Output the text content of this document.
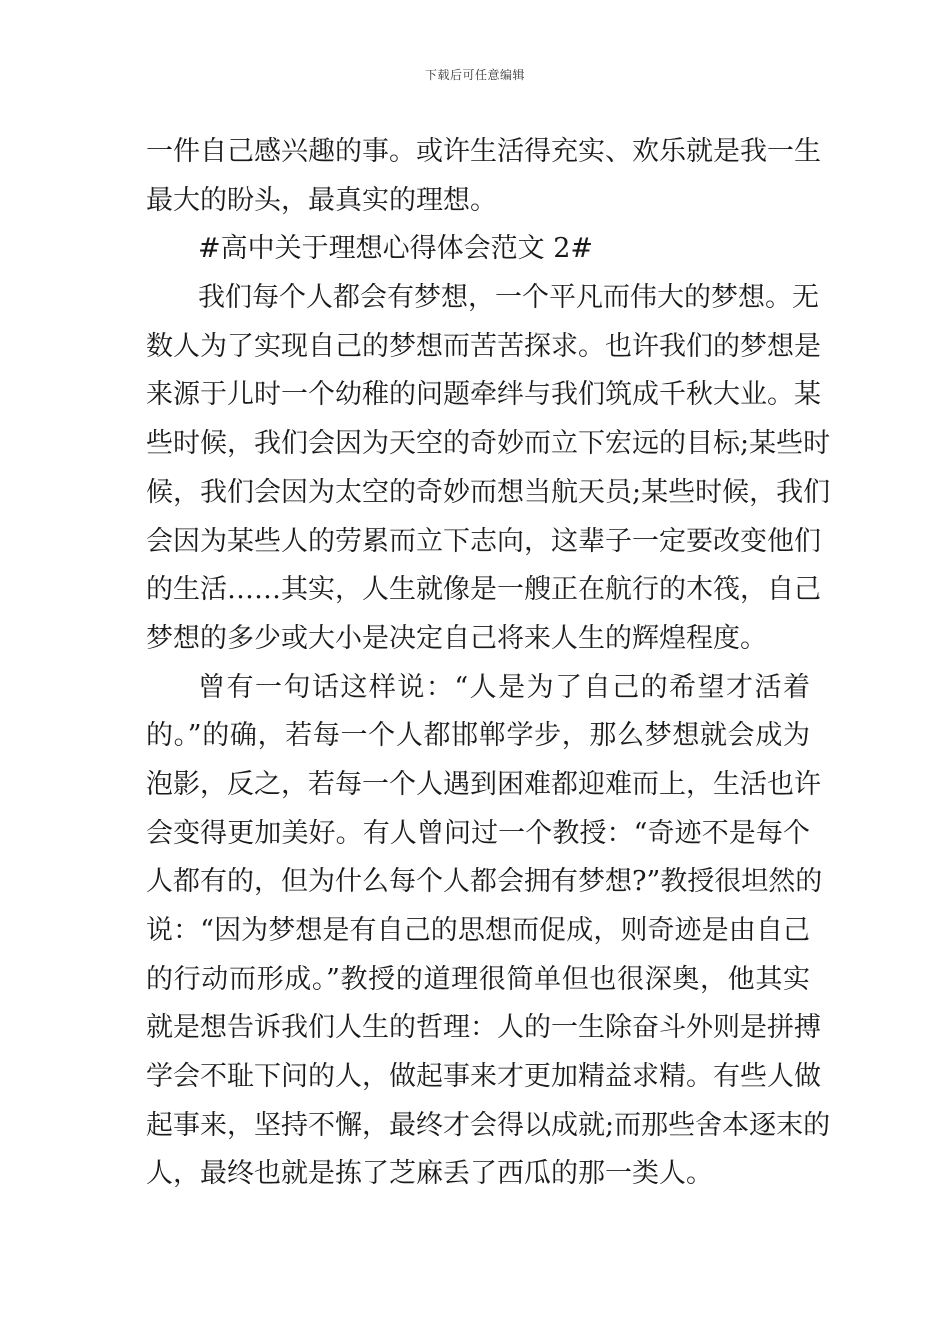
下载后可任意编辑
一件自己感兴趣的事。或许生活得充实、欢乐就是我一生
最大的盼头，最真实的理想。
#高中关于理想心得体会范文 2#
我们每个人都会有梦想，一个平凡而伟大的梦想。无
数人为了实现自己的梦想而苦苦探求。也许我们的梦想是
来源于儿时一个幼稚的问题牵绊与我们筑成千秋大业。某
些时候，我们会因为天空的奇妙而立下宏远的目标;某些时
候，我们会因为太空的奇妙而想当航天员;某些时候，我们
会因为某些人的劳累而立下志向，这辈子一定要改变他们
的生活……其实，人生就像是一艘正在航行的木筏，自己
梦想的多少或大小是决定自己将来人生的辉煌程度。
曾有一句话这样说：“人是为了自己的希望才活着
的。”的确，若每一个人都邯郸学步，那么梦想就会成为
泡影，反之，若每一个人遇到困难都迎难而上，生活也许
会变得更加美好。有人曾问过一个教授：“奇迹不是每个
人都有的，但为什么每个人都会拥有梦想?”教授很坦然的
说：“因为梦想是有自己的思想而促成，则奇迹是由自己
的行动而形成。”教授的道理很简单但也很深奥，他其实
就是想告诉我们人生的哲理：人的一生除奋斗外则是拼搏
学会不耻下问的人，做起事来才更加精益求精。有些人做
起事来，坚持不懈，最终才会得以成就;而那些舍本逐末的
人，最终也就是拣了芝麻丢了西瓜的那一类人。
